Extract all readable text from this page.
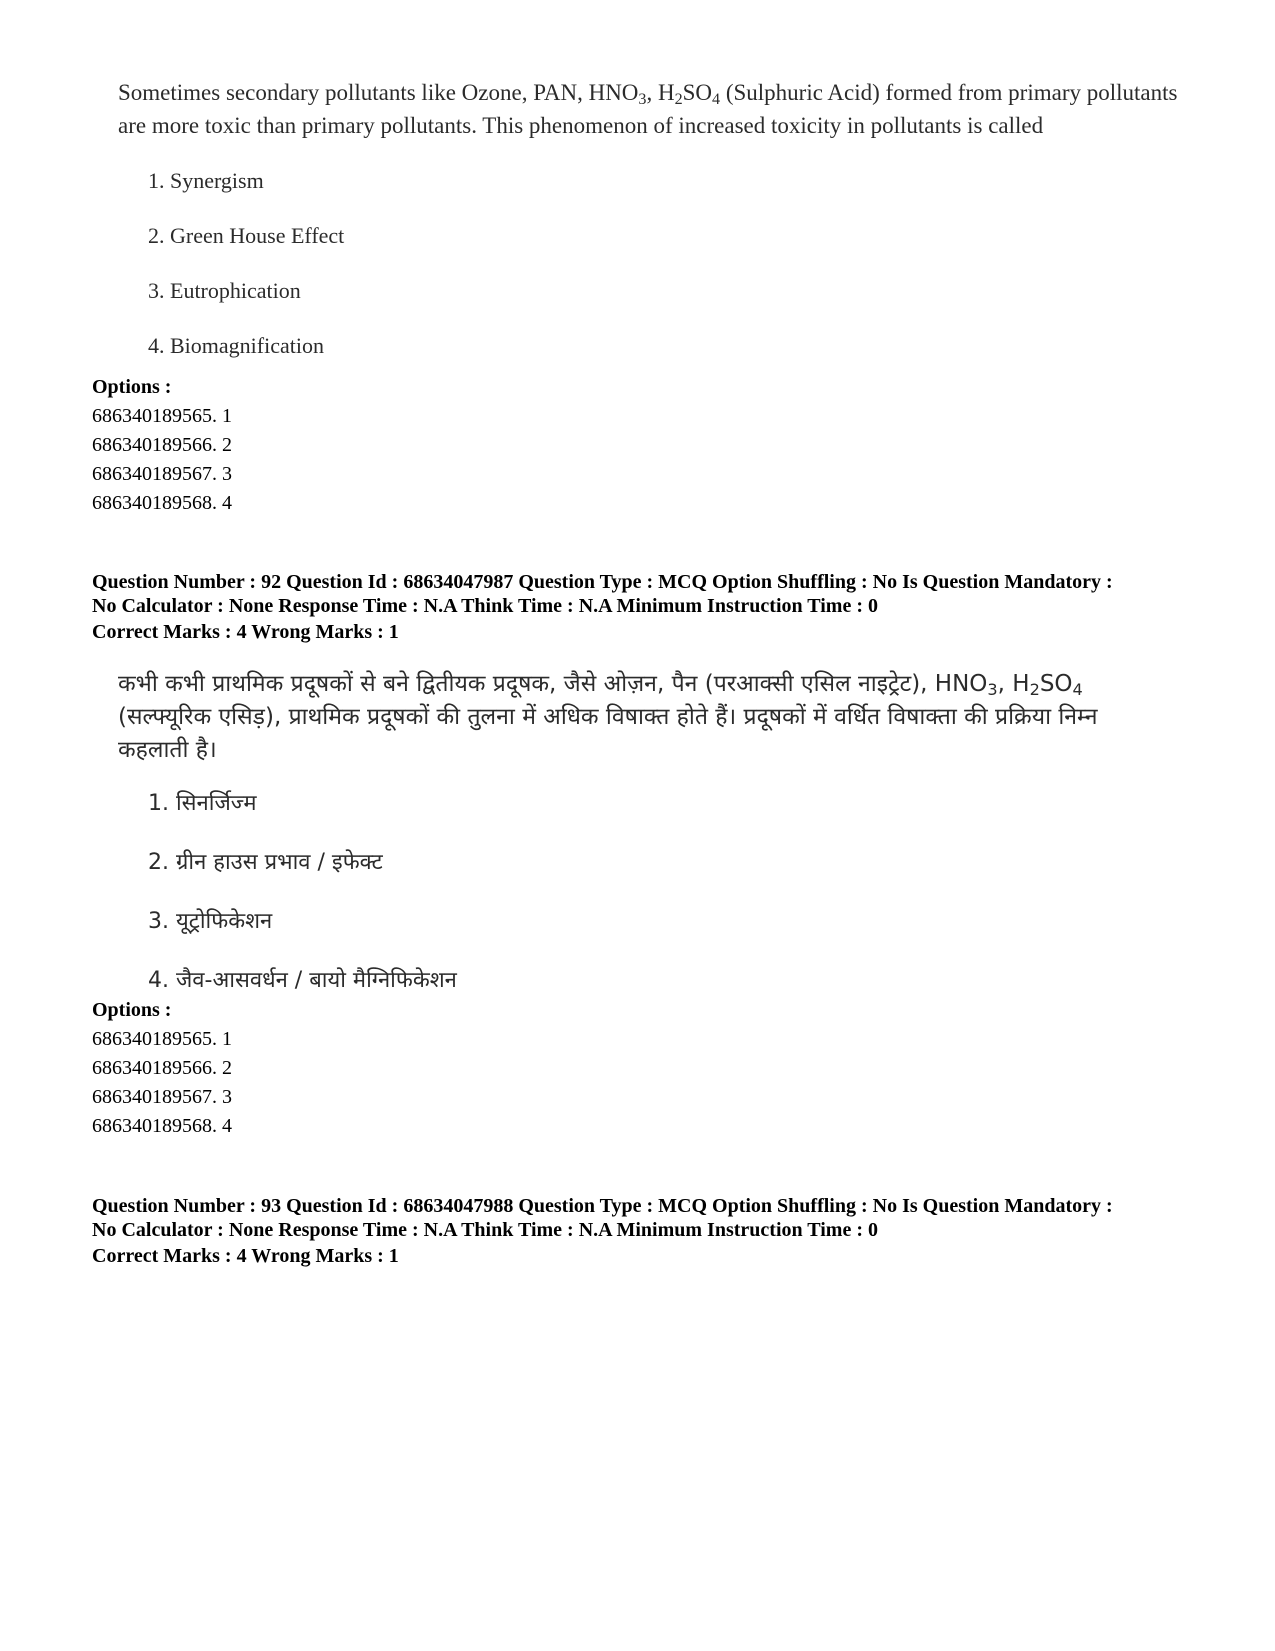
Sometimes secondary pollutants like Ozone, PAN, $HNO_3$, $H_2SO_4$ (Sulphuric Acid) formed from primary pollutants are more toxic than primary pollutants. This phenomenon of increased toxicity in pollutants is called

1. Synergism
2. Green House Effect
3. Eutrophication
4. Biomagnification
Options :
686340189565. 1
686340189566. 2
686340189567. 3
686340189568. 4

Question Number : 92 Question Id : 68634047987 Question Type : MCQ Option Shuffling : No Is Question Mandatory :

No Calculator : None Response Time : N.A Think Time : N.A Minimum Instruction Time : 0

Correct Marks : 4 Wrong Marks : 1

कभी कभी प्राथमिक प्रदूषकों से बने द्वितीयक प्रदूषक, जैसे ओज़न, पैन (परआक्सी एसिल नाइट्रेट), $HNO_3$, $H_2SO_4$ (सल्फ्यूरिक एसिड़), प्राथमिक प्रदूषकों की तुलना में अधिक विषाक्त होते हैं। प्रदूषकों में वर्धित विषाक्ता की प्रक्रिया निम्न कहलाती है।

1. सिनर्जिज्म
2. ग्रीन हाउस प्रभाव / इफेक्ट
3. यूट्रोफिकेशन
4. जैव-आसवर्धन / बायो मैग्निफिकेशन
Options :
686340189565. 1
686340189566. 2
686340189567. 3
686340189568. 4

Question Number : 93 Question Id : 68634047988 Question Type : MCQ Option Shuffling : No Is Question Mandatory :

No Calculator : None Response Time : N.A Think Time : N.A Minimum Instruction Time : 0

Correct Marks : 4 Wrong Marks : 1
